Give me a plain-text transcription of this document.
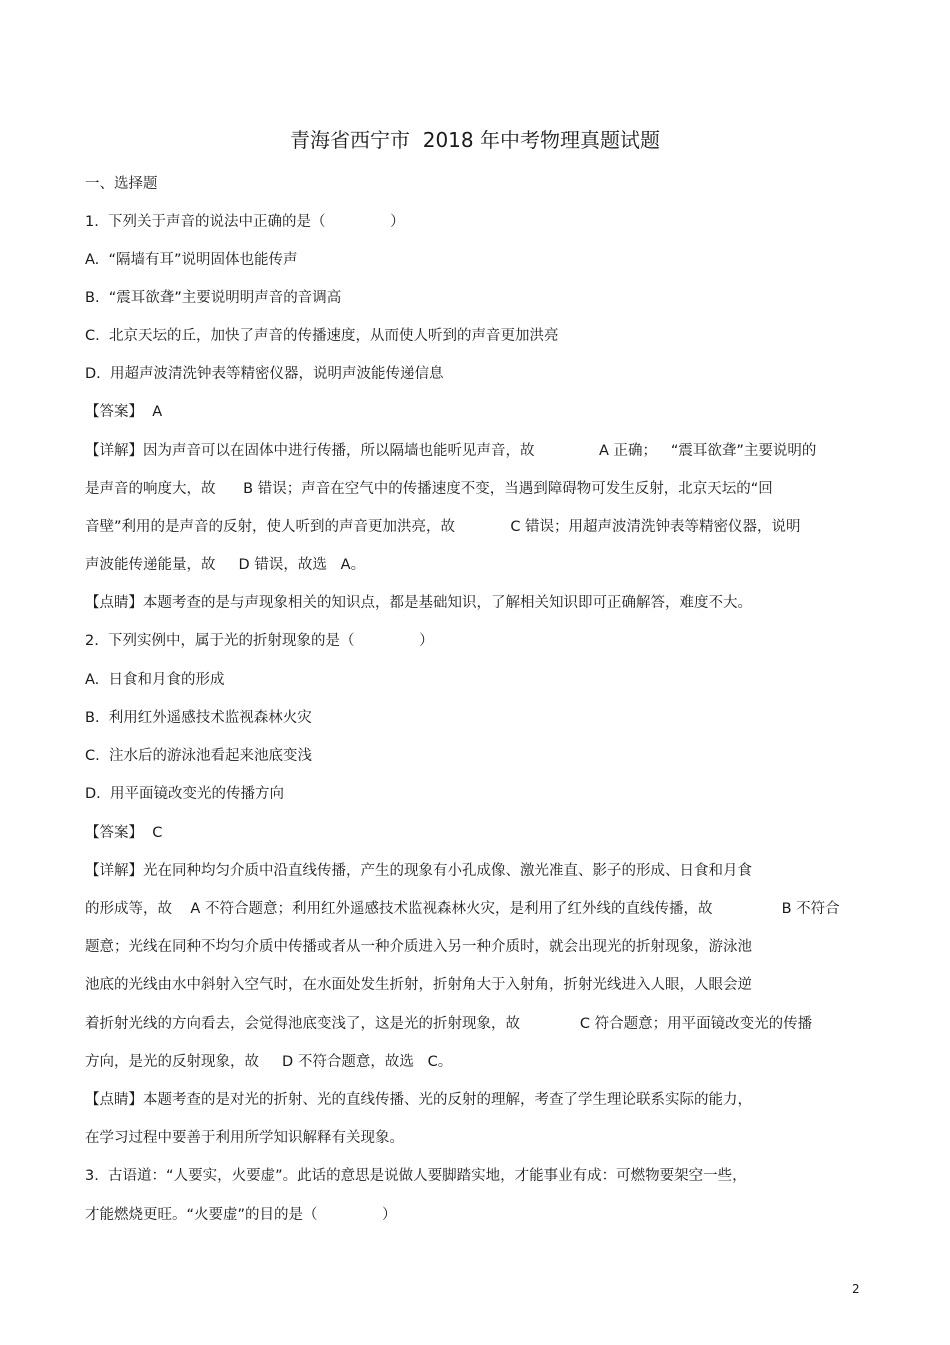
青海省西宁市  2018 年中考物理真题试题
一、选择题
1.  下列关于声音的说法中正确的是（              ）
A.  “隔墙有耳”说明固体也能传声
B.  “震耳欲聋”主要说明明声音的音调高
C.  北京天坛的丘，加快了声音的传播速度，从而使人听到的声音更加洪亮
D.  用超声波清洗钟表等精密仪器，说明声波能传递信息
【答案】  A
【详解】因为声音可以在固体中进行传播，所以隔墙也能听见声音，故              A 正确；   “震耳欲聋”主要说明的
是声音的响度大，故      B 错误；声音在空气中的传播速度不变，当遇到障碍物可发生反射，北京天坛的“回
音壁”利用的是声音的反射，使人听到的声音更加洪亮，故            C 错误；用超声波清洗钟表等精密仪器，说明
声波能传递能量，故     D 错误，故选   A。
【点睛】本题考查的是与声现象相关的知识点，都是基础知识，了解相关知识即可正确解答，难度不大。
2.  下列实例中，属于光的折射现象的是（              ）
A.  日食和月食的形成
B.  利用红外遥感技术监视森林火灾
C.  注水后的游泳池看起来池底变浅
D.  用平面镜改变光的传播方向
【答案】  C
【详解】光在同种均匀介质中沿直线传播，产生的现象有小孔成像、激光准直、影子的形成、日食和月食
的形成等，故    A 不符合题意；利用红外遥感技术监视森林火灾，是利用了红外线的直线传播，故               B 不符合
题意；光线在同种不均匀介质中传播或者从一种介质进入另一种介质时，就会出现光的折射现象，游泳池
池底的光线由水中斜射入空气时，在水面处发生折射，折射角大于入射角，折射光线进入人眼，人眼会逆
着折射光线的方向看去，会觉得池底变浅了，这是光的折射现象，故             C 符合题意；用平面镜改变光的传播
方向，是光的反射现象，故     D 不符合题意，故选   C。
【点睛】本题考查的是对光的折射、光的直线传播、光的反射的理解，考查了学生理论联系实际的能力，
在学习过程中要善于利用所学知识解释有关现象。
3.  古语道：“人要实，火要虚”。此话的意思是说做人要脚踏实地，才能事业有成：可燃物要架空一些，
才能燃烧更旺。“火要虚”的目的是（              ）
2
